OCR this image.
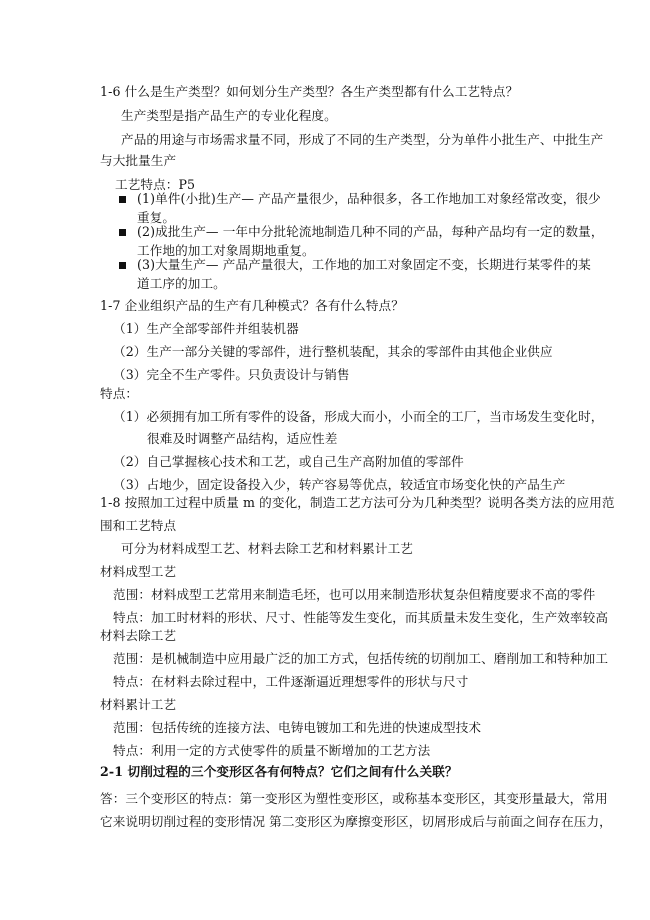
1-6 什么是生产类型？如何划分生产类型？各生产类型都有什么工艺特点？
生产类型是指产品生产的专业化程度。
产品的用途与市场需求量不同，形成了不同的生产类型，分为单件小批生产、中批生产
与大批量生产
工艺特点：P5
(1)单件(小批)生产— 产品产量很少，品种很多，各工作地加工对象经常改变，很少
重复。
(2)成批生产— 一年中分批轮流地制造几种不同的产品，每种产品均有一定的数量，
工作地的加工对象周期地重复。
(3)大量生产— 产品产量很大，工作地的加工对象固定不变，长期进行某零件的某
道工序的加工。
1-7 企业组织产品的生产有几种模式？各有什么特点？
（1）生产全部零部件并组装机器
（2）生产一部分关键的零部件，进行整机装配，其余的零部件由其他企业供应
（3）完全不生产零件。只负责设计与销售
特点：
（1）必须拥有加工所有零件的设备，形成大而小，小而全的工厂，当市场发生变化时，
很难及时调整产品结构，适应性差
（2）自己掌握核心技术和工艺，或自己生产高附加值的零部件
（3）占地少，固定设备投入少，转产容易等优点，较适宜市场变化快的产品生产
1-8 按照加工过程中质量 m 的变化，制造工艺方法可分为几种类型？说明各类方法的应用范
围和工艺特点
可分为材料成型工艺、材料去除工艺和材料累计工艺
材料成型工艺
范围：材料成型工艺常用来制造毛坯，也可以用来制造形状复杂但精度要求不高的零件
特点：加工时材料的形状、尺寸、性能等发生变化，而其质量未发生变化，生产效率较高
材料去除工艺
范围：是机械制造中应用最广泛的加工方式，包括传统的切削加工、磨削加工和特种加工
特点：在材料去除过程中，工件逐渐逼近理想零件的形状与尺寸
材料累计工艺
范围：包括传统的连接方法、电铸电镀加工和先进的快速成型技术
特点：利用一定的方式使零件的质量不断增加的工艺方法
2-1 切削过程的三个变形区各有何特点？它们之间有什么关联？
答：三个变形区的特点：第一变形区为塑性变形区，或称基本变形区，其变形量最大，常用
它来说明切削过程的变形情况 第二变形区为摩擦变形区，切屑形成后与前面之间存在压力，
